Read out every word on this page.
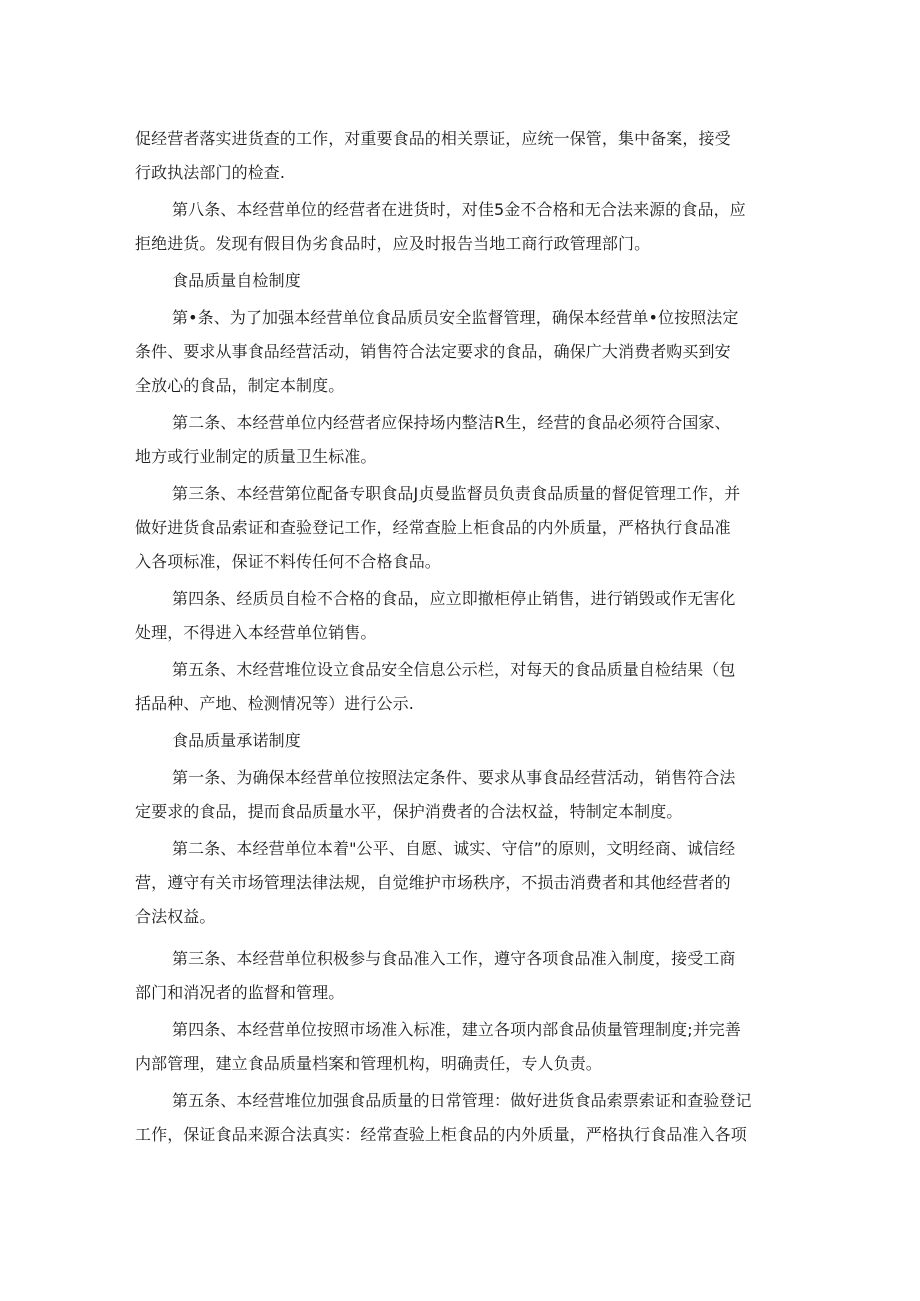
促经营者落实进货查的工作，对重要食品的相关票证，应统一保管，集中备案，接受
行政执法部门的检查.
第八条、本经营单位的经营者在进货时，对佳5金不合格和无合法来源的食品，应
拒绝进货。发现有假目伪劣食品时，应及时报告当地工商行政管理部门。
食品质量自检制度
第•条、为了加强本经营单位食品质员安全监督管理，确保本经营单•位按照法定
条件、要求从事食品经营活动，销售符合法定要求的食品，确保广大消费者购买到安
全放心的食品，制定本制度。
第二条、本经营单位内经营者应保持场内整洁R生，经营的食品必须符合国家、
地方或行业制定的质量卫生标准。
第三条、本经营第位配备专职食品J贞曼监督员负责食品质量的督促管理工作，并
做好进货食品索证和查验登记工作，经常查脸上柜食品的内外质量，严格执行食品准
入各项标准，保证不料传任何不合格食品。
第四条、经质员自检不合格的食品，应立即撤柜停止销售，进行销毁或作无害化
处理，不得进入本经营单位销售。
第五条、木经营堆位设立食品安全信息公示栏，对每天的食品质量自检结果（包
括品种、产地、检测情况等）进行公示.
食品质量承诺制度
第一条、为确保本经营单位按照法定条件、要求从事食品经营活动，销售符合法
定要求的食品，提而食品质量水平，保护消费者的合法权益，特制定本制度。
第二条、本经营单位本着"公平、自愿、诚实、守信”的原则，文明经商、诚信经
营，遵守有关市场管理法律法规，自觉维护市场秩序，不损击消费者和其他经营者的
合法权益。
第三条、本经营单位积极参与食品准入工作，遵守各项食品准入制度，接受工商
部门和消况者的监督和管理。
第四条、本经营单位按照市场准入标准，建立各项内部食品侦量管理制度;并完善
内部管理，建立食品质量档案和管理机构，明确责任，专人负责。
第五条、本经营堆位加强食品质量的日常管理：做好进货食品索票索证和查验登记
工作，保证食品来源合法真实：经常查验上柜食品的内外质量，严格执行食品准入各项
